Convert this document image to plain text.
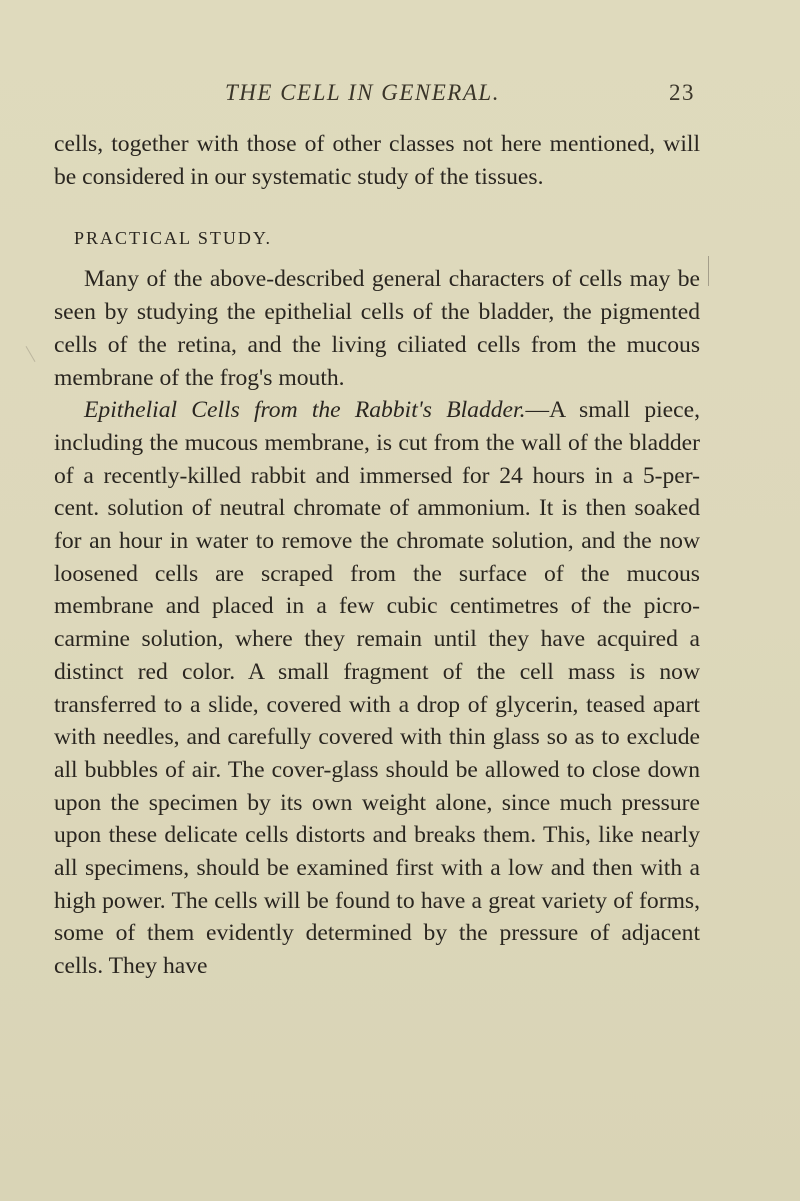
THE CELL IN GENERAL.	23

cells, together with those of other classes not here mentioned, will be considered in our systematic study of the tissues.

PRACTICAL STUDY.

Many of the above-described general characters of cells may be seen by studying the epithelial cells of the bladder, the pigmented cells of the retina, and the living ciliated cells from the mucous membrane of the frog's mouth.

Epithelial Cells from the Rabbit's Bladder.—A small piece, including the mucous membrane, is cut from the wall of the bladder of a recently-killed rabbit and immersed for 24 hours in a 5-per-cent. solution of neutral chromate of ammonium. It is then soaked for an hour in water to remove the chromate solution, and the now loosened cells are scraped from the surface of the mucous membrane and placed in a few cubic centimetres of the picro-carmine solution, where they remain until they have acquired a distinct red color. A small fragment of the cell mass is now transferred to a slide, covered with a drop of glycerin, teased apart with needles, and carefully covered with thin glass so as to exclude all bubbles of air. The cover-glass should be allowed to close down upon the specimen by its own weight alone, since much pressure upon these delicate cells distorts and breaks them. This, like nearly all specimens, should be examined first with a low and then with a high power. The cells will be found to have a great variety of forms, some of them evidently determined by the pressure of adjacent cells. They have
